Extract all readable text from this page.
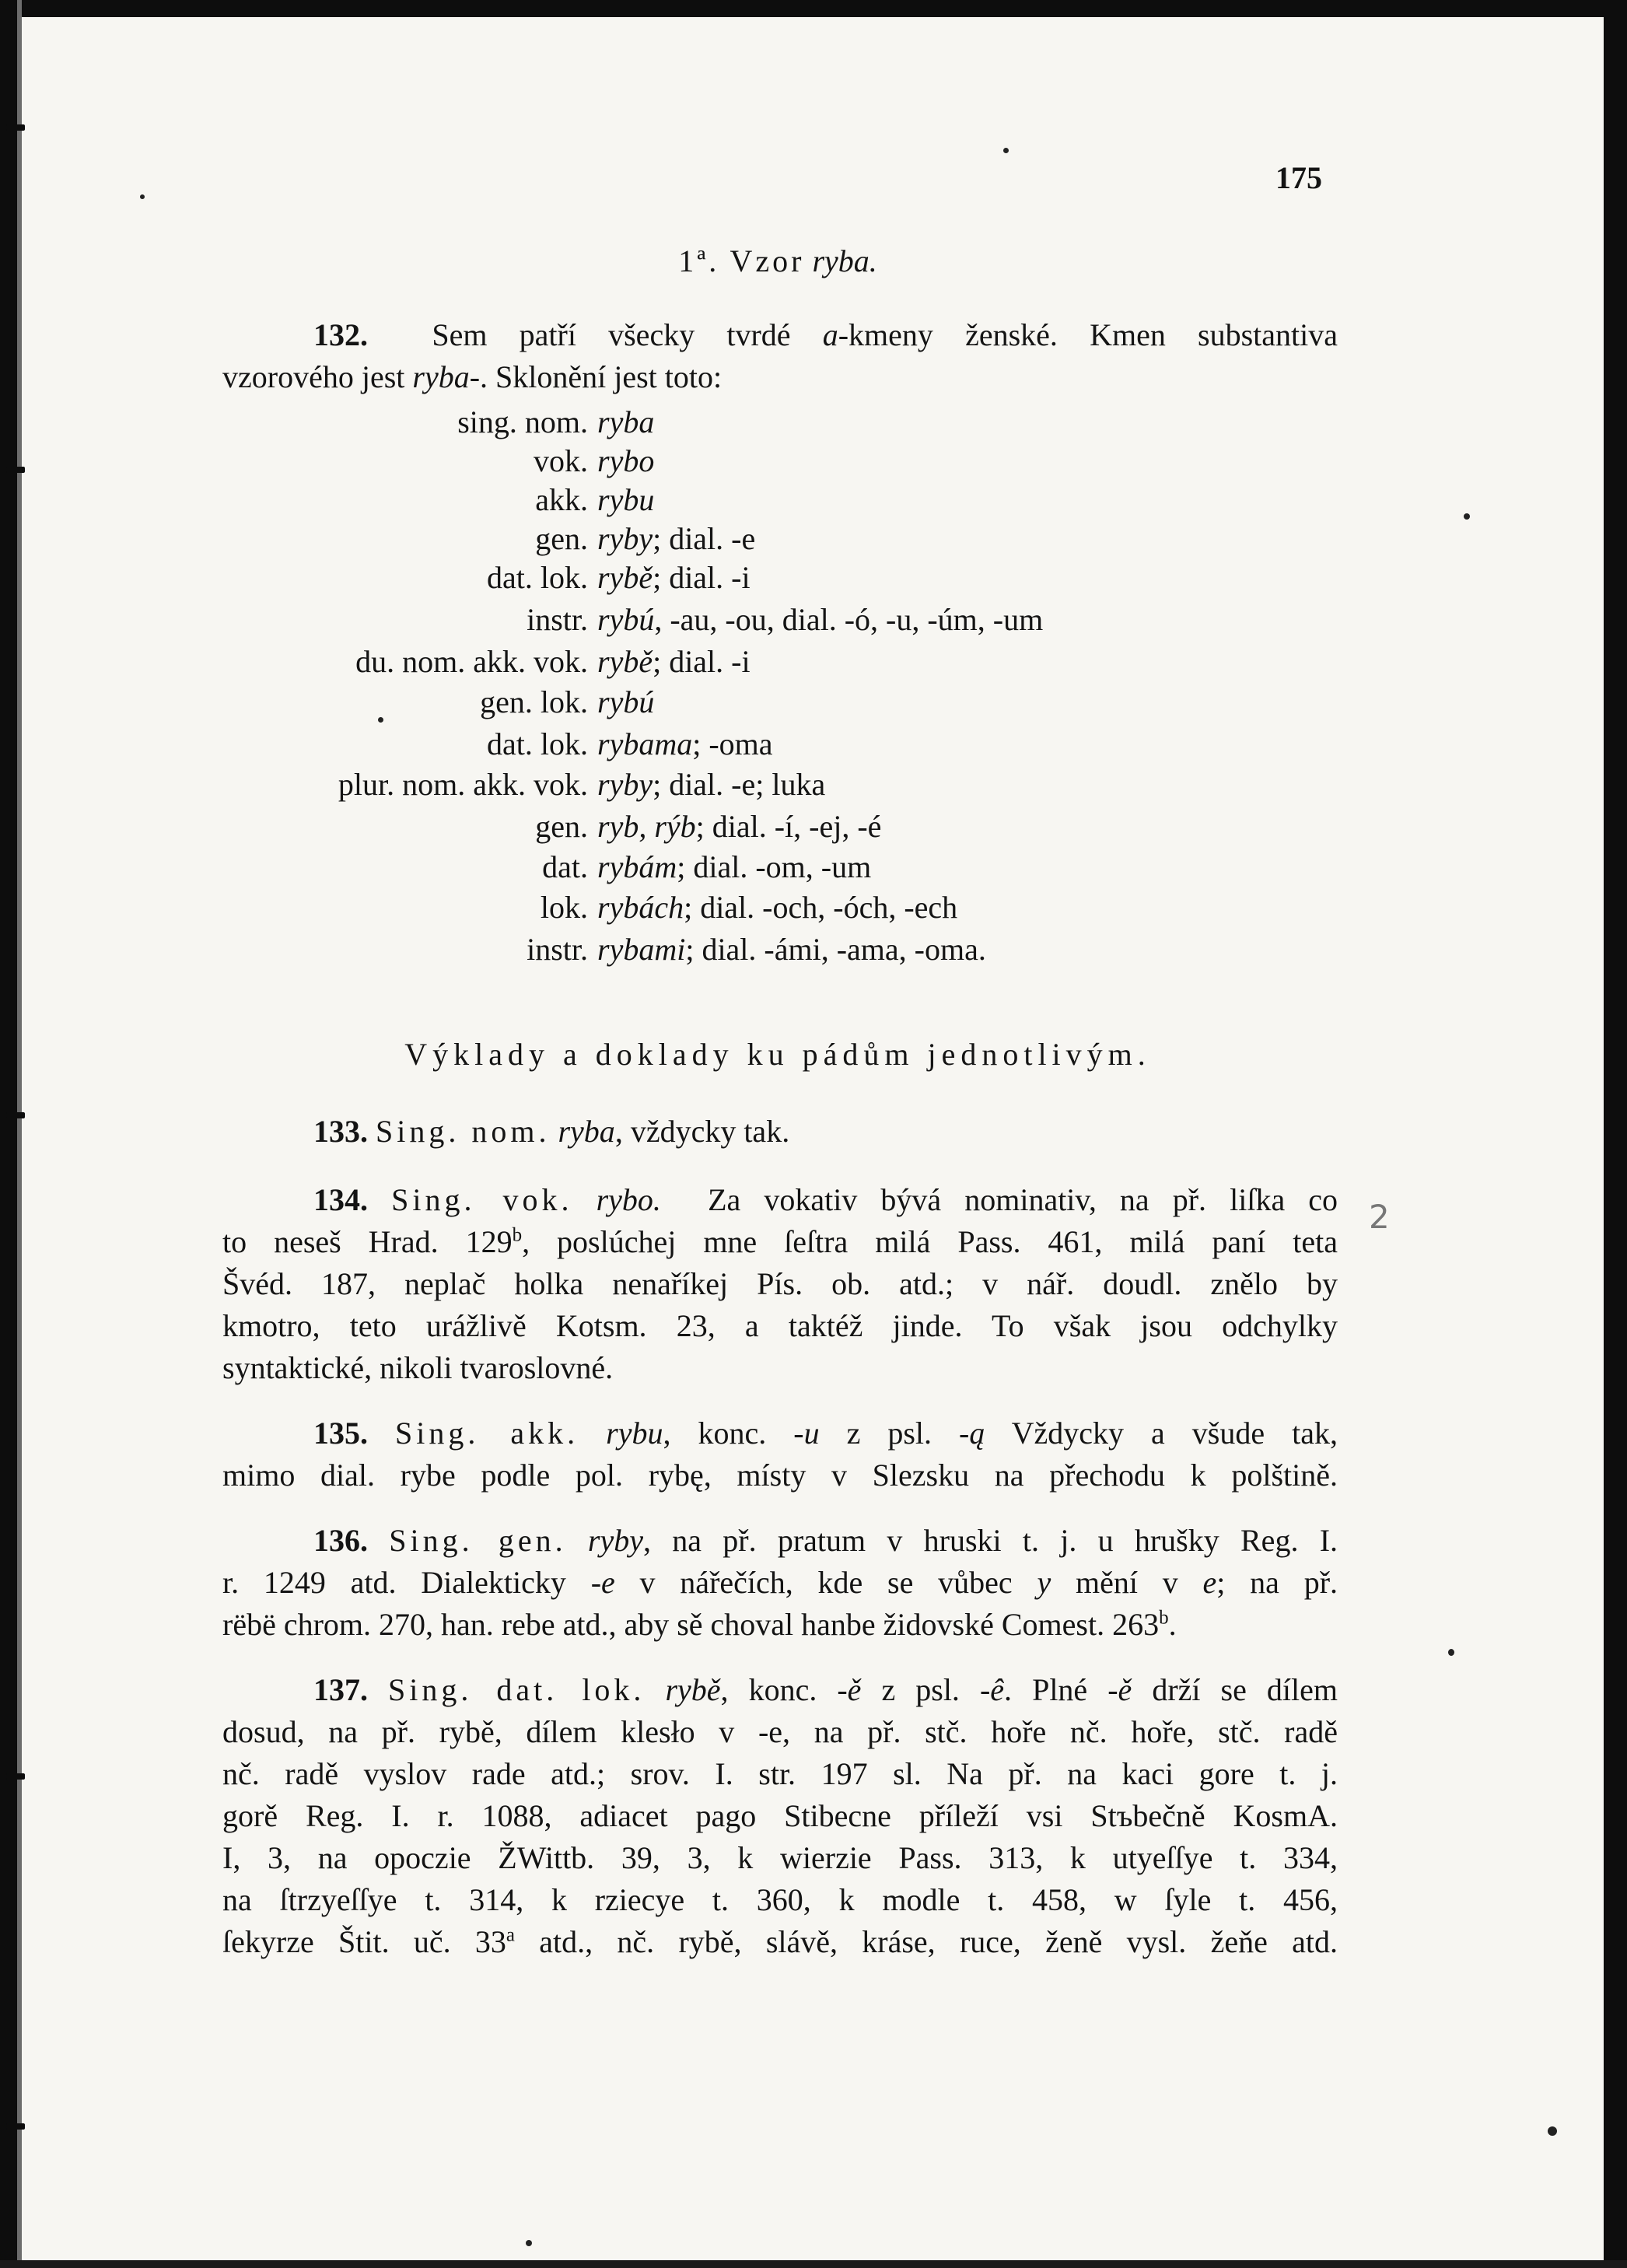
175
1ª. Vzor ryba.
132. Sem patří všecky tvrdé a-kmeny ženské. Kmen substantiva
vzorového jest ryba-. Sklonění jest toto:
sing. nom. ryba
vok. rybo
akk. rybu
gen. ryby; dial. -e
dat. lok. rybě; dial. -i
instr. rybú, -au, -ou, dial. -ó, -u, -úm, -um
du. nom. akk. vok. rybě; dial. -i
gen. lok. rybú
dat. lok. rybama; -oma
plur. nom. akk. vok. ryby; dial. -e; luka
gen. ryb, rýb; dial. -í, -ej, -é
dat. rybám; dial. -om, -um
lok. rybách; dial. -och, -óch, -ech
instr. rybami; dial. -ámi, -ama, -oma.
Výklady a doklady ku pádům jednotlivým.
133. Sing. nom. ryba, vždycky tak.
134. Sing. vok. rybo. Za vokativ bývá nominativ, na př. liſka co
to neseš Hrad. 129$^b$, poslúchej mne ſeſtra milá Pass. 461, milá paní teta
Švéd. 187, neplač holka nenaříkej Pís. ob. atd.; v nář. doudl. znělo by
kmotro, teto urážlivě Kotsm. 23, a taktéž jinde. To však jsou odchylky
syntaktické, nikoli tvaroslovné.
135. Sing. akk. rybu, konc. -u z psl. -ą Vždycky a všude tak,
mimo dial. rybe podle pol. rybę, místy v Slezsku na přechodu k polštině.
136. Sing. gen. ryby, na př. pratum v hruski t. j. u hrušky Reg. I.
r. 1249 atd. Dialekticky -e v nářečích, kde se vůbec y mění v e; na př.
rëbë chrom. 270, han. rebe atd., aby sě choval hanbe židovské Comest. 263$^b$.
137. Sing. dat. lok. rybě, konc. -ě z psl. -ê. Plné -ě drží se dílem
dosud, na př. rybě, dílem klesło v -e, na př. stč. hoře nč. hoře, stč. radě
nč. radě vyslov rade atd.; srov. I. str. 197 sl. Na př. na kaci gore t. j.
gorě Reg. I. r. 1088, adiacet pago Stibecne příleží vsi Stъbečně KosmA.
I, 3, na opoczie ŽWittb. 39, 3, k wierzie Pass. 313, k utyeſſye t. 334,
na ſtrzyeſſye t. 314, k rziecye t. 360, k modle t. 458, w ſyle t. 456,
ſekyrze Štit. uč. 33$^a$ atd., nč. rybě, slávě, kráse, ruce, ženě vysl. žeňe atd.
2
